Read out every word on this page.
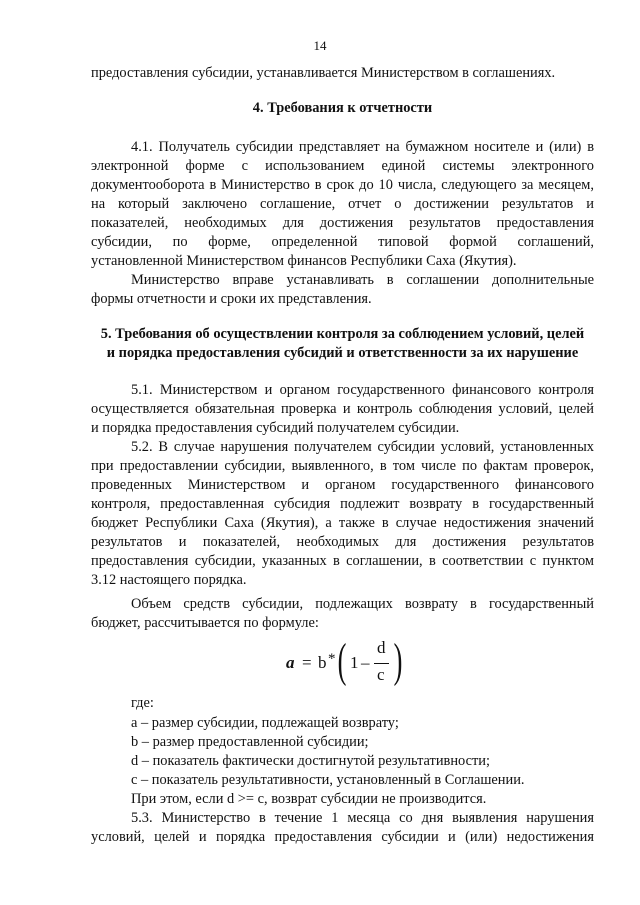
14
предоставления субсидии, устанавливается Министерством в соглашениях.
4. Требования к отчетности
4.1. Получатель субсидии представляет на бумажном носителе и (или) в
электронной форме с использованием единой системы электронного
документооборота в Министерство в срок до 10 числа, следующего за месяцем,
на который заключено соглашение, отчет о достижении результатов и
показателей, необходимых для достижения результатов предоставления
субсидии, по форме, определенной типовой формой соглашений,
установленной Министерством финансов Республики Саха (Якутия).
Министерство вправе устанавливать в соглашении дополнительные
формы отчетности и сроки их представления.
5. Требования об осуществлении контроля за соблюдением условий, целей
и порядка предоставления субсидий и ответственности за их нарушение
5.1. Министерством и органом государственного финансового контроля
осуществляется обязательная проверка и контроль соблюдения условий, целей
и порядка предоставления субсидий получателем субсидии.
5.2. В случае нарушения получателем субсидии условий, установленных
при предоставлении субсидии, выявленного, в том числе по фактам проверок,
проведенных Министерством и органом государственного финансового
контроля, предоставленная субсидия подлежит возврату в государственный
бюджет Республики Саха (Якутия), а также в случае недостижения значений
результатов и показателей, необходимых для достижения результатов
предоставления субсидии, указанных в соглашении, в соответствии с пунктом
3.12 настоящего порядка.
Объем средств субсидии, подлежащих возврату в государственный
бюджет, рассчитывается по формуле:
a = b * ( 1 –
d
c )
где:
a – размер субсидии, подлежащей возврату;
b – размер предоставленной субсидии;
d – показатель фактически достигнутой результативности;
c – показатель результативности, установленный в Соглашении.
При этом, если d >= c, возврат субсидии не производится.
5.3. Министерство в течение 1 месяца со дня выявления нарушения
условий, целей и порядка предоставления субсидии и (или) недостижения
